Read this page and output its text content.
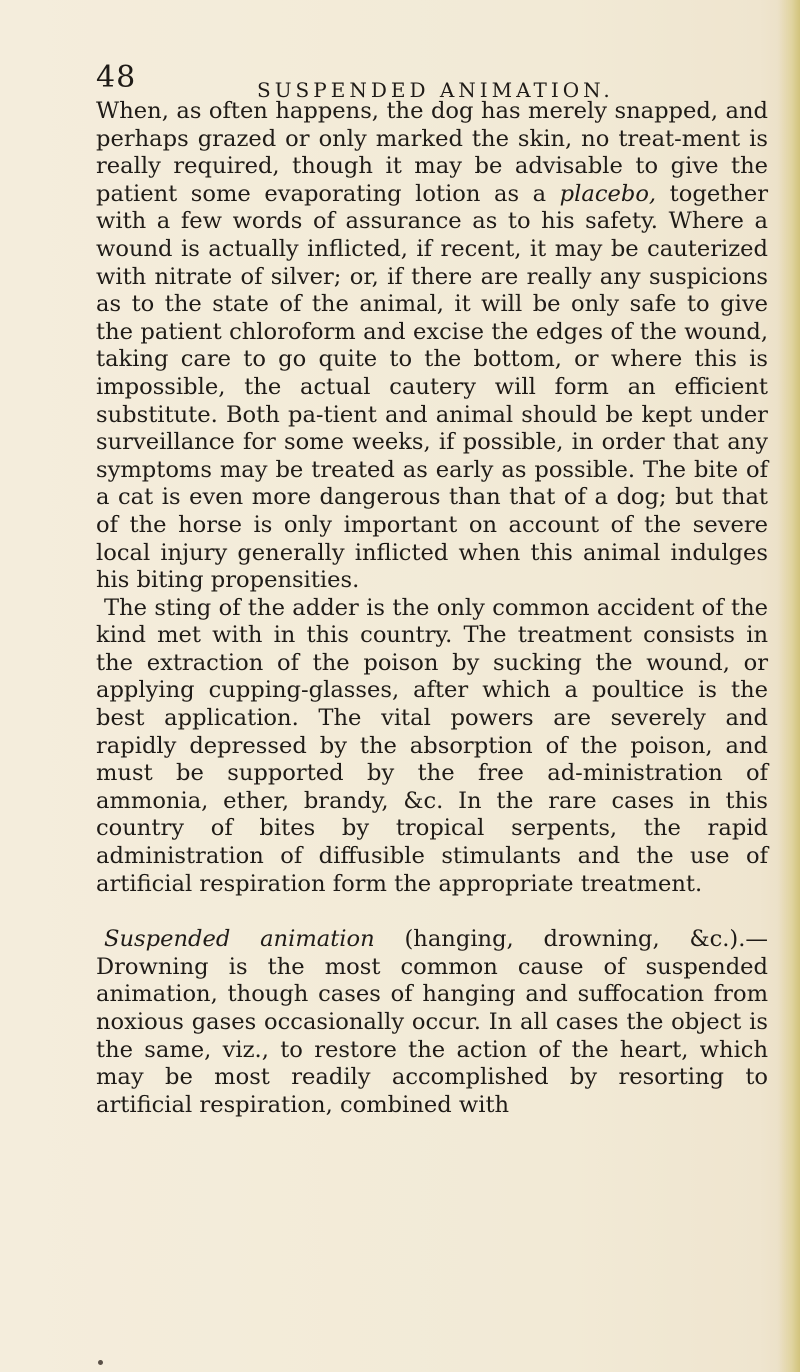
48	SUSPENDED ANIMATION.

When, as often happens, the dog has merely snapped, and perhaps grazed or only marked the skin, no treat-ment is really required, though it may be advisable to give the patient some evaporating lotion as a placebo, together with a few words of assurance as to his safety. Where a wound is actually inflicted, if recent, it may be cauterized with nitrate of silver; or, if there are really any suspicions as to the state of the animal, it will be only safe to give the patient chloroform and excise the edges of the wound, taking care to go quite to the bottom, or where this is impossible, the actual cautery will form an efficient substitute. Both pa-tient and animal should be kept under surveillance for some weeks, if possible, in order that any symptoms may be treated as early as possible. The bite of a cat is even more dangerous than that of a dog; but that of the horse is only important on account of the severe local injury generally inflicted when this animal indulges his biting propensities.

The sting of the adder is the only common accident of the kind met with in this country. The treatment consists in the extraction of the poison by sucking the wound, or applying cupping-glasses, after which a poultice is the best application. The vital powers are severely and rapidly depressed by the absorption of the poison, and must be supported by the free ad-ministration of ammonia, ether, brandy, &c. In the rare cases in this country of bites by tropical serpents, the rapid administration of diffusible stimulants and the use of artificial respiration form the appropriate treatment.

Suspended animation (hanging, drowning, &c.).— Drowning is the most common cause of suspended animation, though cases of hanging and suffocation from noxious gases occasionally occur. In all cases the object is the same, viz., to restore the action of the heart, which may be most readily accomplished by resorting to artificial respiration, combined with
